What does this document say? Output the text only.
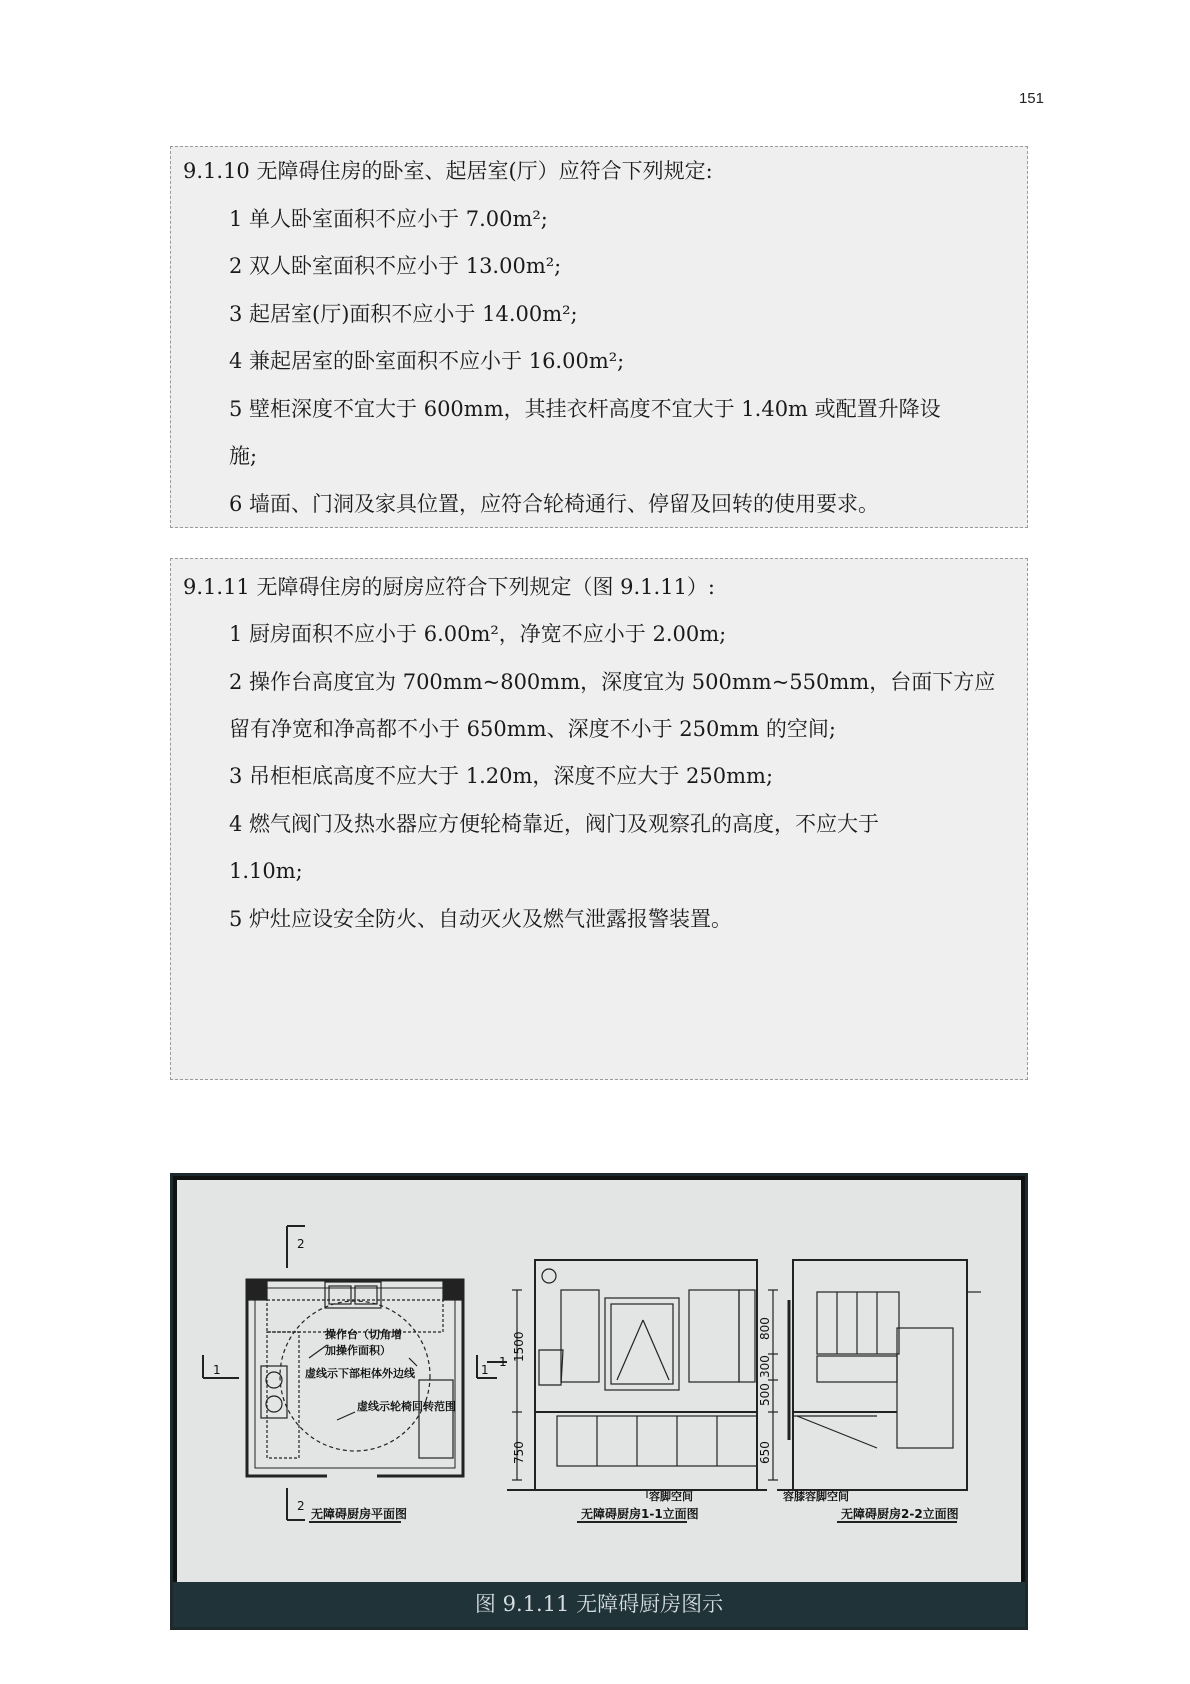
151
9.1.10 无障碍住房的卧室、起居室(厅）应符合下列规定:
1 单人卧室面积不应小于 7.00m²;
2 双人卧室面积不应小于 13.00m²;
3 起居室(厅)面积不应小于 14.00m²;
4 兼起居室的卧室面积不应小于 16.00m²;
5 壁柜深度不宜大于 600mm，其挂衣杆高度不宜大于 1.40m 或配置升降设
施;
6 墙面、门洞及家具位置，应符合轮椅通行、停留及回转的使用要求。
9.1.11 无障碍住房的厨房应符合下列规定（图 9.1.11）:
1 厨房面积不应小于 6.00m²，净宽不应小于 2.00m;
2 操作台高度宜为 700mm~800mm，深度宜为 500mm~550mm，台面下方应
留有净宽和净高都不小于 650mm、深度不小于 250mm 的空间;
3 吊柜柜底高度不应大于 1.20m，深度不应大于 250mm;
4 燃气阀门及热水器应方便轮椅靠近，阀门及观察孔的高度，不应大于
1.10m;
5 炉灶应设安全防火、自动灭火及燃气泄露报警装置。
2
2
1	1
操作台（切角增
加操作面积）
虚线示下部柜体外边线
虚线示轮椅回转范围
无障碍厨房平面图
1 1500
750
容脚空间
无障碍厨房1-1立面图
800
300
500
650
容膝容脚空间
无障碍厨房2-2立面图
图 9.1.11 无障碍厨房图示
